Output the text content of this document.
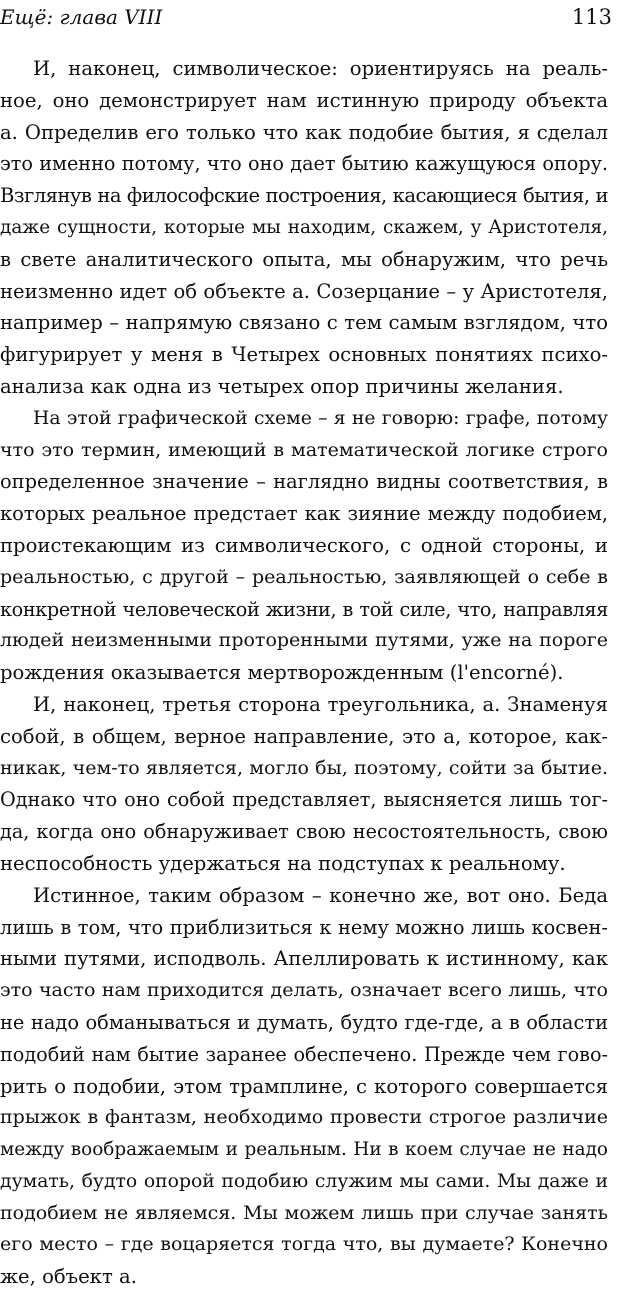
Ещё: глава VIII	113

И, наконец, символическое: ориентируясь на реаль-
ное, оно демонстрирует нам истинную природу объекта
а. Определив его только что как подобие бытия, я сделал
это именно потому, что оно дает бытию кажущуюся опору.
Взглянув на философские построения, касающиеся бытия, и
даже сущности, которые мы находим, скажем, у Аристотеля,
в свете аналитического опыта, мы обнаружим, что речь
неизменно идет об объекте а. Созерцание – у Аристотеля,
например – напрямую связано с тем самым взглядом, что
фигурирует у меня в Четырех основных понятиях психо-
анализа как одна из четырех опор причины желания.

На этой графической схеме – я не говорю: графе, потому
что это термин, имеющий в математической логике строго
определенное значение – наглядно видны соответствия, в
которых реальное предстает как зияние между подобием,
проистекающим из символического, с одной стороны, и
реальностью, с другой – реальностью, заявляющей о себе в
конкретной человеческой жизни, в той силе, что, направляя
людей неизменными проторенными путями, уже на пороге
рождения оказывается мертворожденным (l'encorné).

И, наконец, третья сторона треугольника, а. Знаменуя
собой, в общем, верное направление, это а, которое, как-
никак, чем-то является, могло бы, поэтому, сойти за бытие.
Однако что оно собой представляет, выясняется лишь тог-
да, когда оно обнаруживает свою несостоятельность, свою
неспособность удержаться на подступах к реальному.

Истинное, таким образом – конечно же, вот оно. Беда
лишь в том, что приблизиться к нему можно лишь косвен-
ными путями, исподволь. Апеллировать к истинному, как
это часто нам приходится делать, означает всего лишь, что
не надо обманываться и думать, будто где-где, а в области
подобий нам бытие заранее обеспечено. Прежде чем гово-
рить о подобии, этом трамплине, с которого совершается
прыжок в фантазм, необходимо провести строгое различие
между воображаемым и реальным. Ни в коем случае не надо
думать, будто опорой подобию служим мы сами. Мы даже и
подобием не являемся. Мы можем лишь при случае занять
его место – где воцаряется тогда что, вы думаете? Конечно
же, объект а.
